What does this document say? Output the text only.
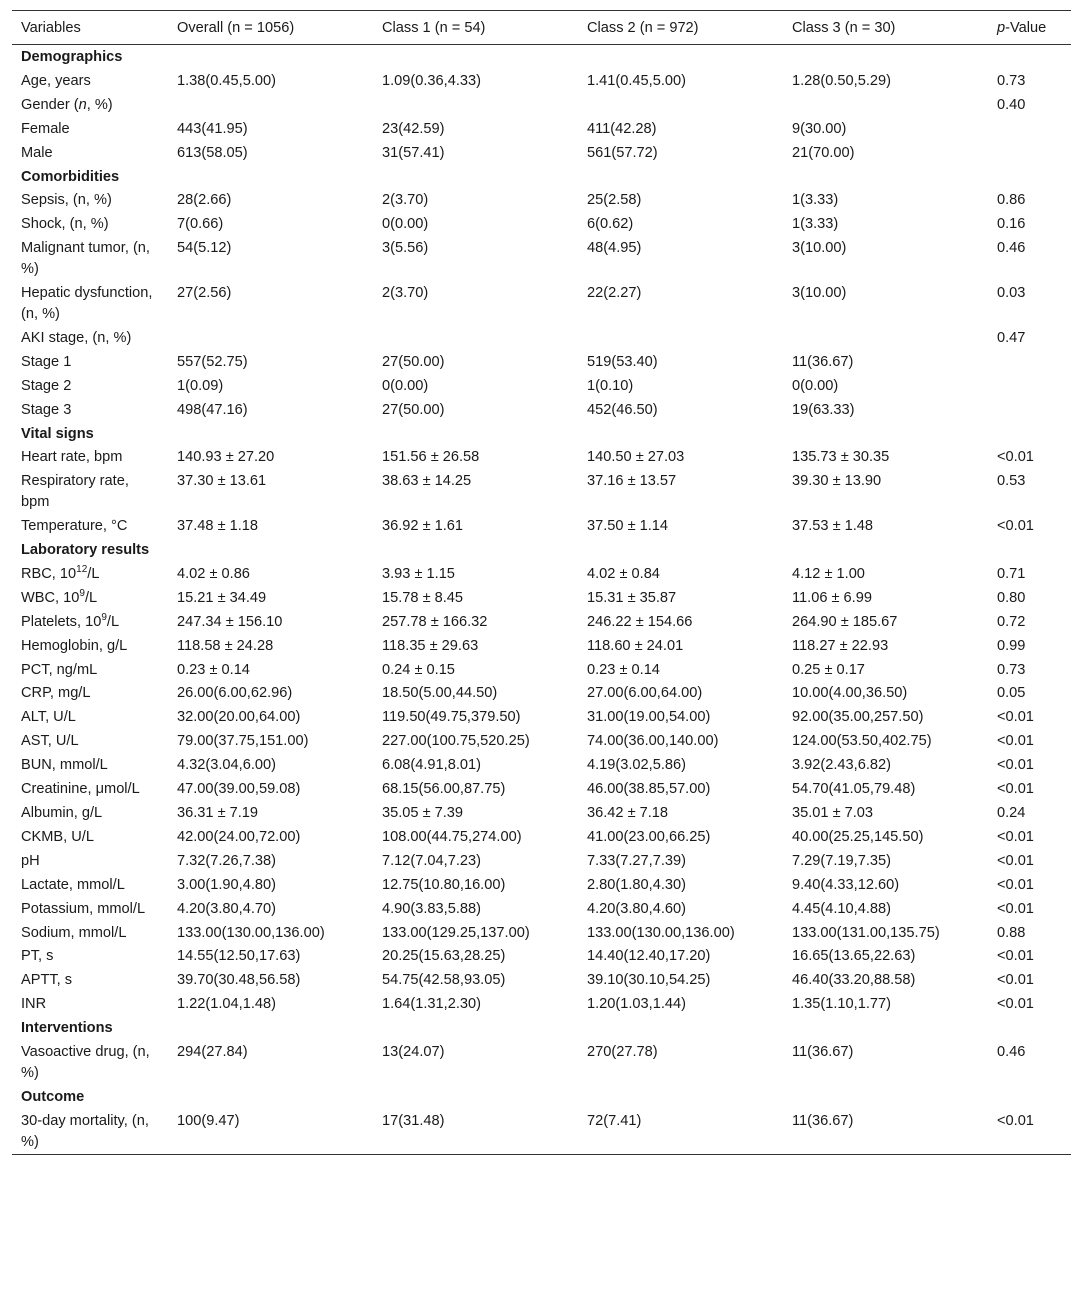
Variables	Overall (n = 1056)	Class 1 (n = 54)	Class 2 (n = 972)	Class 3 (n = 30)	p-Value
Demographics					
Age, years	1.38(0.45,5.00)	1.09(0.36,4.33)	1.41(0.45,5.00)	1.28(0.50,5.29)	0.73
Gender (n, %)					0.40
Female	443(41.95)	23(42.59)	411(42.28)	9(30.00)	
Male	613(58.05)	31(57.41)	561(57.72)	21(70.00)	
Comorbidities					
Sepsis, (n, %)	28(2.66)	2(3.70)	25(2.58)	1(3.33)	0.86
Shock, (n, %)	7(0.66)	0(0.00)	6(0.62)	1(3.33)	0.16
Malignant tumor, (n, %)	54(5.12)	3(5.56)	48(4.95)	3(10.00)	0.46
Hepatic dysfunction, (n, %)	27(2.56)	2(3.70)	22(2.27)	3(10.00)	0.03
AKI stage, (n, %)					0.47
Stage 1	557(52.75)	27(50.00)	519(53.40)	11(36.67)	
Stage 2	1(0.09)	0(0.00)	1(0.10)	0(0.00)	
Stage 3	498(47.16)	27(50.00)	452(46.50)	19(63.33)	
Vital signs					
Heart rate, bpm	140.93 ± 27.20	151.56 ± 26.58	140.50 ± 27.03	135.73 ± 30.35	<0.01
Respiratory rate, bpm	37.30 ± 13.61	38.63 ± 14.25	37.16 ± 13.57	39.30 ± 13.90	0.53
Temperature, °C	37.48 ± 1.18	36.92 ± 1.61	37.50 ± 1.14	37.53 ± 1.48	<0.01
Laboratory results					
RBC, $10^{12}/L$	4.02 ± 0.86	3.93 ± 1.15	4.02 ± 0.84	4.12 ± 1.00	0.71
WBC, $10^9/L$	15.21 ± 34.49	15.78 ± 8.45	15.31 ± 35.87	11.06 ± 6.99	0.80
Platelets, $10^9/L$	247.34 ± 156.10	257.78 ± 166.32	246.22 ± 154.66	264.90 ± 185.67	0.72
Hemoglobin, g/L	118.58 ± 24.28	118.35 ± 29.63	118.60 ± 24.01	118.27 ± 22.93	0.99
PCT, ng/mL	0.23 ± 0.14	0.24 ± 0.15	0.23 ± 0.14	0.25 ± 0.17	0.73
CRP, mg/L	26.00(6.00,62.96)	18.50(5.00,44.50)	27.00(6.00,64.00)	10.00(4.00,36.50)	0.05
ALT, U/L	32.00(20.00,64.00)	119.50(49.75,379.50)	31.00(19.00,54.00)	92.00(35.00,257.50)	<0.01
AST, U/L	79.00(37.75,151.00)	227.00(100.75,520.25)	74.00(36.00,140.00)	124.00(53.50,402.75)	<0.01
BUN, mmol/L	4.32(3.04,6.00)	6.08(4.91,8.01)	4.19(3.02,5.86)	3.92(2.43,6.82)	<0.01
Creatinine, μmol/L	47.00(39.00,59.08)	68.15(56.00,87.75)	46.00(38.85,57.00)	54.70(41.05,79.48)	<0.01
Albumin, g/L	36.31 ± 7.19	35.05 ± 7.39	36.42 ± 7.18	35.01 ± 7.03	0.24
CKMB, U/L	42.00(24.00,72.00)	108.00(44.75,274.00)	41.00(23.00,66.25)	40.00(25.25,145.50)	<0.01
pH	7.32(7.26,7.38)	7.12(7.04,7.23)	7.33(7.27,7.39)	7.29(7.19,7.35)	<0.01
Lactate, mmol/L	3.00(1.90,4.80)	12.75(10.80,16.00)	2.80(1.80,4.30)	9.40(4.33,12.60)	<0.01
Potassium, mmol/L	4.20(3.80,4.70)	4.90(3.83,5.88)	4.20(3.80,4.60)	4.45(4.10,4.88)	<0.01
Sodium, mmol/L	133.00(130.00,136.00)	133.00(129.25,137.00)	133.00(130.00,136.00)	133.00(131.00,135.75)	0.88
PT, s	14.55(12.50,17.63)	20.25(15.63,28.25)	14.40(12.40,17.20)	16.65(13.65,22.63)	<0.01
APTT, s	39.70(30.48,56.58)	54.75(42.58,93.05)	39.10(30.10,54.25)	46.40(33.20,88.58)	<0.01
INR	1.22(1.04,1.48)	1.64(1.31,2.30)	1.20(1.03,1.44)	1.35(1.10,1.77)	<0.01
Interventions					
Vasoactive drug, (n, %)	294(27.84)	13(24.07)	270(27.78)	11(36.67)	0.46
Outcome					
30-day mortality, (n, %)	100(9.47)	17(31.48)	72(7.41)	11(36.67)	<0.01
